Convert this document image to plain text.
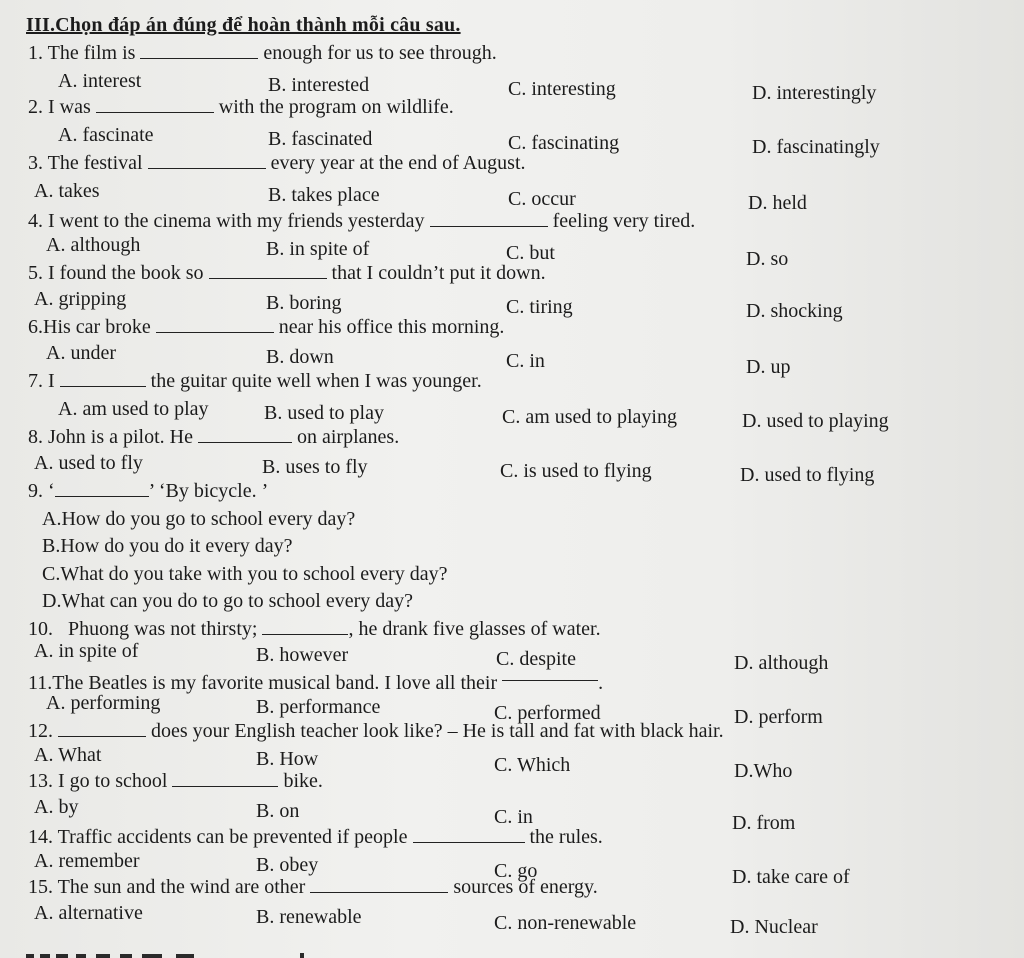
III.Chọn đáp án đúng để hoàn thành mỗi câu sau.
1. The film is	enough for us to see through.
A. interest	B. interested	C. interesting	D. interestingly
2. I was	with the program on wildlife.
A. fascinate	B. fascinated	C. fascinating	D. fascinatingly
3. The festival	every year at the end of August.
A. takes	B. takes place	C. occur	D. held
4. I went to the cinema with my friends yesterday	feeling very tired.
A. although	B. in spite of	C. but	D. so
5. I found the book so	that I couldn’t put it down.
A. gripping	B. boring	C. tiring	D. shocking
6.His car broke	near his office this morning.
A. under	B. down	C. in	D. up
7. I	the guitar quite well when I was younger.
A. am used to play	B. used to play	C. am used to playing	D. used to playing
8. John is a pilot. He	on airplanes.
A. used to fly	B. uses to fly	C. is used to flying	D. used to flying
9. ‘	’ ‘By bicycle. ’
A.How do you go to school every day?
B.How do you do it every day?
C.What do you take with you to school every day?
D.What can you do to go to school every day?
10. Phuong was not thirsty;	, he drank five glasses of water.
A. in spite of	B. however	C. despite	D. although
11.The Beatles is my favorite musical band. I love all their	.
A. performing	B. performance	C. performed	D. perform
12.	does your English teacher look like? – He is tall and fat with black hair.
A. What	B. How	C. Which	D.Who
13. I go to school	bike.
A. by	B. on	C. in	D. from
14. Traffic accidents can be prevented if people	the rules.
A. remember	B. obey	C. go	D. take care of
15. The sun and the wind are other	sources of energy.
A. alternative	B. renewable	C. non-renewable	D. Nuclear
